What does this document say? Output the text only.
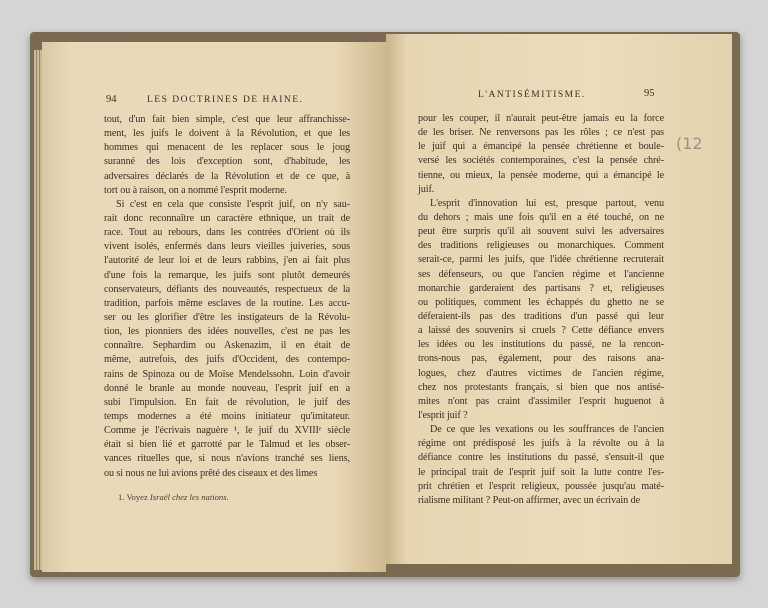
94	LES DOCTRINES DE HAINE.
tout, d'un fait bien simple, c'est que leur affranchisse-
ment, les juifs le doivent à la Révolution, et que les
hommes qui menacent de les replacer sous le joug
suranné des lois d'exception sont, d'habitude, les
adversaires déclarés de la Révolution et de ce que, à
tort ou à raison, on a nommé l'esprit moderne.
Si c'est en cela que consiste l'esprit juif, on n'y sau-
rait donc reconnaître un caractère ethnique, un trait de
race. Tout au rebours, dans les contrées d'Orient où ils
vivent isolés, enfermés dans leurs vieilles juiveries, sous
l'autorité de leur loi et de leurs rabbins, j'en ai fait plus
d'une fois la remarque, les juifs sont plutôt demeurés
conservateurs, défiants des nouveautés, respectueux de la
tradition, parfois même esclaves de la routine. Les accu-
ser ou les glorifier d'être les instigateurs de la Révolu-
tion, les pionniers des idées nouvelles, c'est ne pas les
connaître. Sephardim ou Askenazim, il en était de
même, autrefois, des juifs d'Occident, des contempo-
rains de Spinoza ou de Moïse Mendelssohn. Loin d'avoir
donné le branle au monde nouveau, l'esprit juif en a
subi l'impulsion. En fait de révolution, le juif des
temps modernes a été moins initiateur qu'imitateur.
Comme je l'écrivais naguère ¹, le juif du XVIIIᵉ siècle
était si bien lié et garrotté par le Talmud et les obser-
vances rituelles que, si nous n'avions tranché ses liens,
ou si nous ne lui avions prêté des ciseaux et des limes
1. Voyez Israël chez les nations.
L'ANTISÉMITISME.	95
(12
pour les couper, il n'aurait peut-être jamais eu la force
de les briser. Ne renversons pas les rôles ; ce n'est pas
le juif qui a émancipé la pensée chrétienne et boule-
versé les sociétés contemporaines, c'est la pensée chré-
tienne, ou mieux, la pensée moderne, qui a émancipé le
juif.
L'esprit d'innovation lui est, presque partout, venu
du dehors ; mais une fois qu'il en a été touché, on ne
peut être surpris qu'il ait souvent suivi les adversaires
des traditions religieuses ou monarchiques. Comment
serait-ce, parmi les juifs, que l'idée chrétienne recruterait
ses défenseurs, ou que l'ancien régime et l'ancienne
monarchie garderaient des partisans ? et, religieuses
ou politiques, comment les échappés du ghetto ne se
déferaient-ils pas des traditions d'un passé qui leur
a laissé des souvenirs si cruels ? Cette défiance envers
les idées ou les institutions du passé, ne la rencon-
trons-nous pas, également, pour des raisons ana-
logues, chez d'autres victimes de l'ancien régime,
chez nos protestants français, si bien que nos antisé-
mites n'ont pas craint d'assimiler l'esprit huguenot à
l'esprit juif ?
De ce que les vexations ou les souffrances de l'ancien
régime ont prédisposé les juifs à la révolte ou à la
défiance contre les institutions du passé, s'ensuit-il que
le principal trait de l'esprit juif soit la lutte contre l'es-
prit chrétien et l'esprit religieux, poussée jusqu'au maté-
rialisme militant ? Peut-on affirmer, avec un écrivain de
